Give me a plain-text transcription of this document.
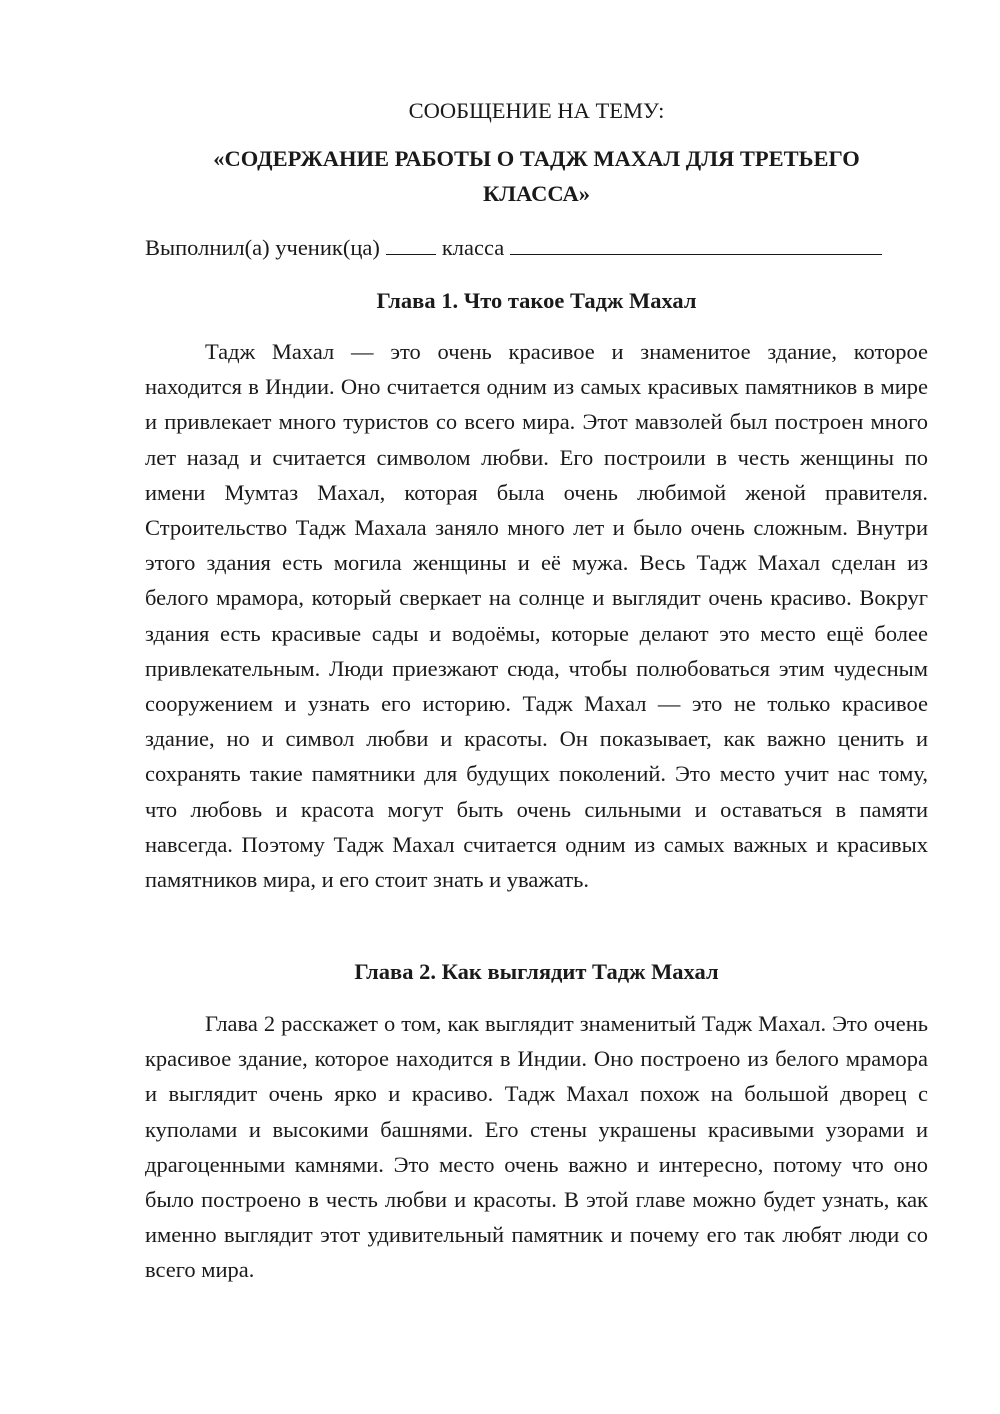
СООБЩЕНИЕ НА ТЕМУ:
«СОДЕРЖАНИЕ РАБОТЫ О ТАДЖ МАХАЛ ДЛЯ ТРЕТЬЕГО КЛАССА»
Выполнил(а) ученик(ца)	класса
Глава 1. Что такое Тадж Махал

Тадж Махал — это очень красивое и знаменитое здание, которое находится в Индии. Оно считается одним из самых красивых памятников в мире и привлекает много туристов со всего мира. Этот мавзолей был построен много лет назад и считается символом любви. Его построили в честь женщины по имени Мумтаз Махал, которая была очень любимой женой правителя. Строительство Тадж Махала заняло много лет и было очень сложным. Внутри этого здания есть могила женщины и её мужа. Весь Тадж Махал сделан из белого мрамора, который сверкает на солнце и выглядит очень красиво. Вокруг здания есть красивые сады и водоёмы, которые делают это место ещё более привлекательным. Люди приезжают сюда, чтобы полюбоваться этим чудесным сооружением и узнать его историю. Тадж Махал — это не только красивое здание, но и символ любви и красоты. Он показывает, как важно ценить и сохранять такие памятники для будущих поколений. Это место учит нас тому, что любовь и красота могут быть очень сильными и оставаться в памяти навсегда. Поэтому Тадж Махал считается одним из самых важных и красивых памятников мира, и его стоит знать и уважать.

Глава 2. Как выглядит Тадж Махал

Глава 2 расскажет о том, как выглядит знаменитый Тадж Махал. Это очень красивое здание, которое находится в Индии. Оно построено из белого мрамора и выглядит очень ярко и красиво. Тадж Махал похож на большой дворец с куполами и высокими башнями. Его стены украшены красивыми узорами и драгоценными камнями. Это место очень важно и интересно, потому что оно было построено в честь любви и красоты. В этой главе можно будет узнать, как именно выглядит этот удивительный памятник и почему его так любят люди со всего мира.
